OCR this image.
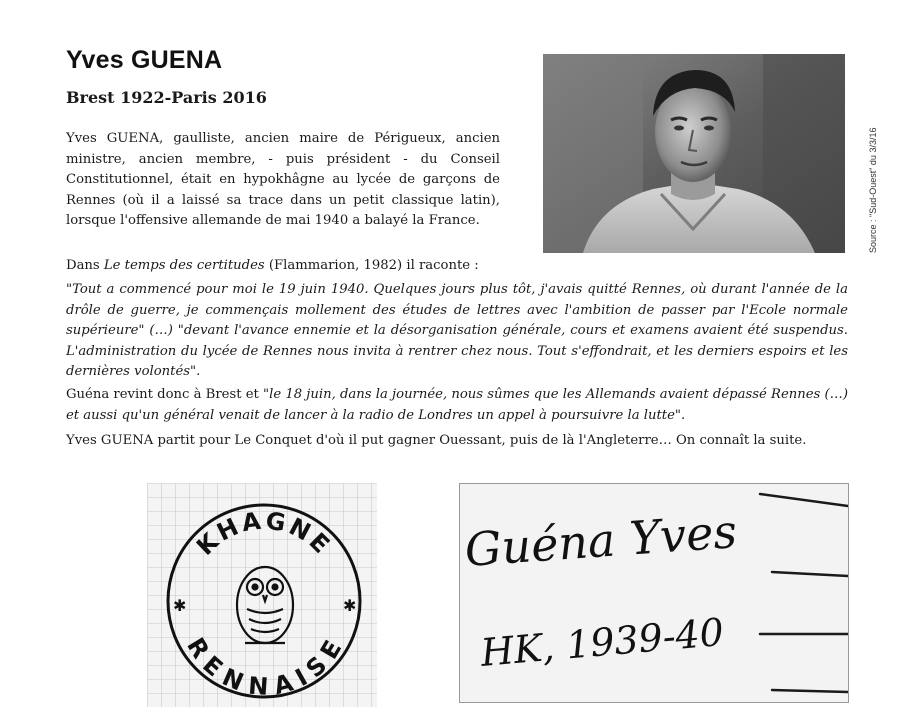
Yves GUENA
Brest 1922-Paris 2016

Yves GUENA, gaulliste, ancien maire de Périgueux, ancien ministre, ancien membre, - puis président - du Conseil Constitutionnel, était en hypokhâgne au lycée de garçons de Rennes (où il a laissé sa trace dans un petit classique latin), lorsque l'offensive allemande de mai 1940 a balayé la France.

Dans Le temps des certitudes (Flammarion, 1982) il raconte :

"Tout a commencé pour moi le 19 juin 1940. Quelques jours plus tôt, j'avais quitté Rennes, où durant l'année de la drôle de guerre, je commençais mollement des études de lettres avec l'ambition de passer par l'Ecole normale supérieure" (…) "devant l'avance ennemie et la désorganisation générale, cours et examens avaient été suspendus. L'administration du lycée de Rennes nous invita à rentrer chez nous. Tout s'effondrait, et les derniers espoirs et les dernières volontés".

Guéna revint donc à Brest et "le 18 juin, dans la journée, nous sûmes que les Allemands avaient dépassé Rennes (…) et aussi qu'un général venait de lancer à la radio de Londres un appel à poursuivre la lutte".

Yves GUENA partit pour Le Conquet d'où il put gagner Ouessant, puis de là l'Angleterre… On connaît la suite.

Source : "Sud-Ouest" du 3/3/16
KHAGNE
RENNAISE
✱	✱
Guéna Yves
HK, 1939-40
